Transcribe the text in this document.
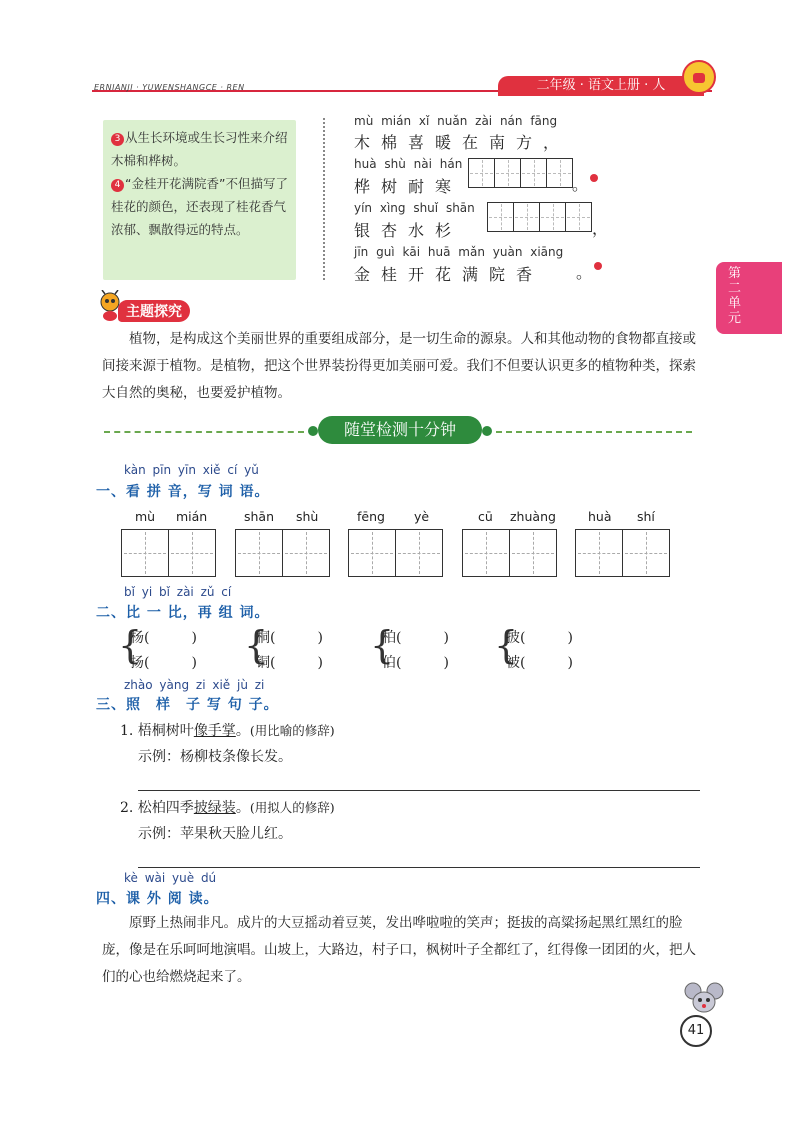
ERNIANJI · YUWENSHANGCE · REN	二年级 · 语文上册 · 人
3 从生长环境或生长习性来介绍木棉和桦树。
4 “金桂开花满院香”不但描写了桂花的颜色，还表现了桂花香气浓郁、飘散得远的特点。
mù mián xǐ nuǎn zài nán fāng
木棉喜暖在南方，
huà shù nài hán
桦树耐寒	。
yín xìng shuǐ shān
银杏水杉	，
jīn guì kāi huā mǎn yuàn xiāng
金桂开花满院香 。	第二单元
主题探究
植物，是构成这个美丽世界的重要组成部分，是一切生命的源泉。人和其他动物的食物都直接或间接来源于植物。是植物，把这个世界装扮得更加美丽可爱。我们不但要认识更多的植物种类，探索大自然的奥秘，也要爱护植物。
随堂检测十分钟
kàn pīn yīn xiě cí yǔ
一、看 拼 音，写 词 语。
mù mián	shān shù	fēng yè	cū zhuàng	huà shí
bǐ yi bǐ zài zǔ cí
二、比 一 比，再 组 词。
{
杨(　　　)
扬(　　　) {
桐(　　　)
铜(　　　) {
柏(　　　)
伯(　　　) {
披(　　　)
被(　　　)
zhào yàng zi xiě jù zi
三、照　样　子 写 句 子。
1. 梧桐树叶像手掌。(用比喻的修辞)
示例：杨柳枝条像长发。
2. 松柏四季披绿装。(用拟人的修辞)
示例：苹果秋天脸儿红。
kè wài yuè dú
四、课 外 阅 读。
原野上热闹非凡。成片的大豆摇动着豆荚，发出哗啦啦的笑声；挺拔的高粱扬起黑红黑红的脸庞，像是在乐呵呵地演唱。山坡上，大路边，村子口，枫树叶子全都红了，红得像一团团的火，把人们的心也给燃烧起来了。
41
